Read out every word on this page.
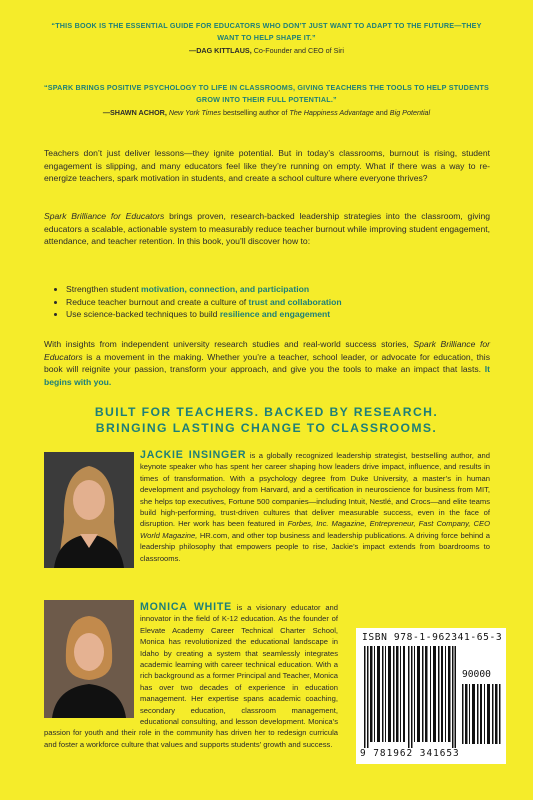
“THIS BOOK IS THE ESSENTIAL GUIDE FOR EDUCATORS WHO DON’T JUST WANT TO ADAPT TO THE FUTURE—THEY WANT TO HELP SHAPE IT.”
—DAG KITTLAUS, Co-Founder and CEO of Siri
“SPARK BRINGS POSITIVE PSYCHOLOGY TO LIFE IN CLASSROOMS, GIVING TEACHERS THE TOOLS TO HELP STUDENTS GROW INTO THEIR FULL POTENTIAL.”
—SHAWN ACHOR, New York Times bestselling author of The Happiness Advantage and Big Potential
Teachers don’t just deliver lessons—they ignite potential. But in today’s classrooms, burnout is rising, student engagement is slipping, and many educators feel like they’re running on empty. What if there was a way to re-energize teachers, spark motivation in students, and create a school culture where everyone thrives?
Spark Brilliance for Educators brings proven, research-backed leadership strategies into the classroom, giving educators a scalable, actionable system to measurably reduce teacher burnout while improving student engagement, attendance, and teacher retention. In this book, you’ll discover how to:
• Strengthen student motivation, connection, and participation
• Reduce teacher burnout and create a culture of trust and collaboration
• Use science-backed techniques to build resilience and engagement
With insights from independent university research studies and real-world success stories, Spark Brilliance for Educators is a movement in the making. Whether you’re a teacher, school leader, or advocate for education, this book will reignite your passion, transform your approach, and give you the tools to make an impact that lasts. It begins with you.
BUILT FOR TEACHERS. BACKED BY RESEARCH.
BRINGING LASTING CHANGE TO CLASSROOMS.
JACKIE INSINGER is a globally recognized leadership strategist, bestselling author, and keynote speaker who has spent her career shaping how leaders drive impact, influence, and results in times of transformation. With a psychology degree from Duke University, a master’s in human development and psychology from Harvard, and a certification in neuroscience for business from MIT, she helps top executives, Fortune 500 companies—including Intuit, Nestlé, and Crocs—and elite teams build high-performing, trust-driven cultures that deliver measurable success, even in the face of disruption. Her work has been featured in Forbes, Inc. Magazine, Entrepreneur, Fast Company, CEO World Magazine, HR.com, and other top business and leadership publications. A driving force behind a leadership philosophy that empowers people to rise, Jackie’s impact extends from boardrooms to classrooms.
MONICA WHITE is a visionary educator and innovator in the field of K-12 education. As the founder of Elevate Academy Career Technical Charter School, Monica has revolutionized the educational landscape in Idaho by creating a system that seamlessly integrates academic learning with career technical education. With a rich background as a former Principal and Teacher, Monica has over two decades of experience in education management. Her expertise spans academic coaching, secondary education, classroom management, educational consulting, and lesson development. Monica’s passion for youth and their role in the community has driven her to redesign curricula and foster a workforce culture that values and supports students’ growth and success.
ISBN 978-1-962341-65-3
90000
9 781962 341653
